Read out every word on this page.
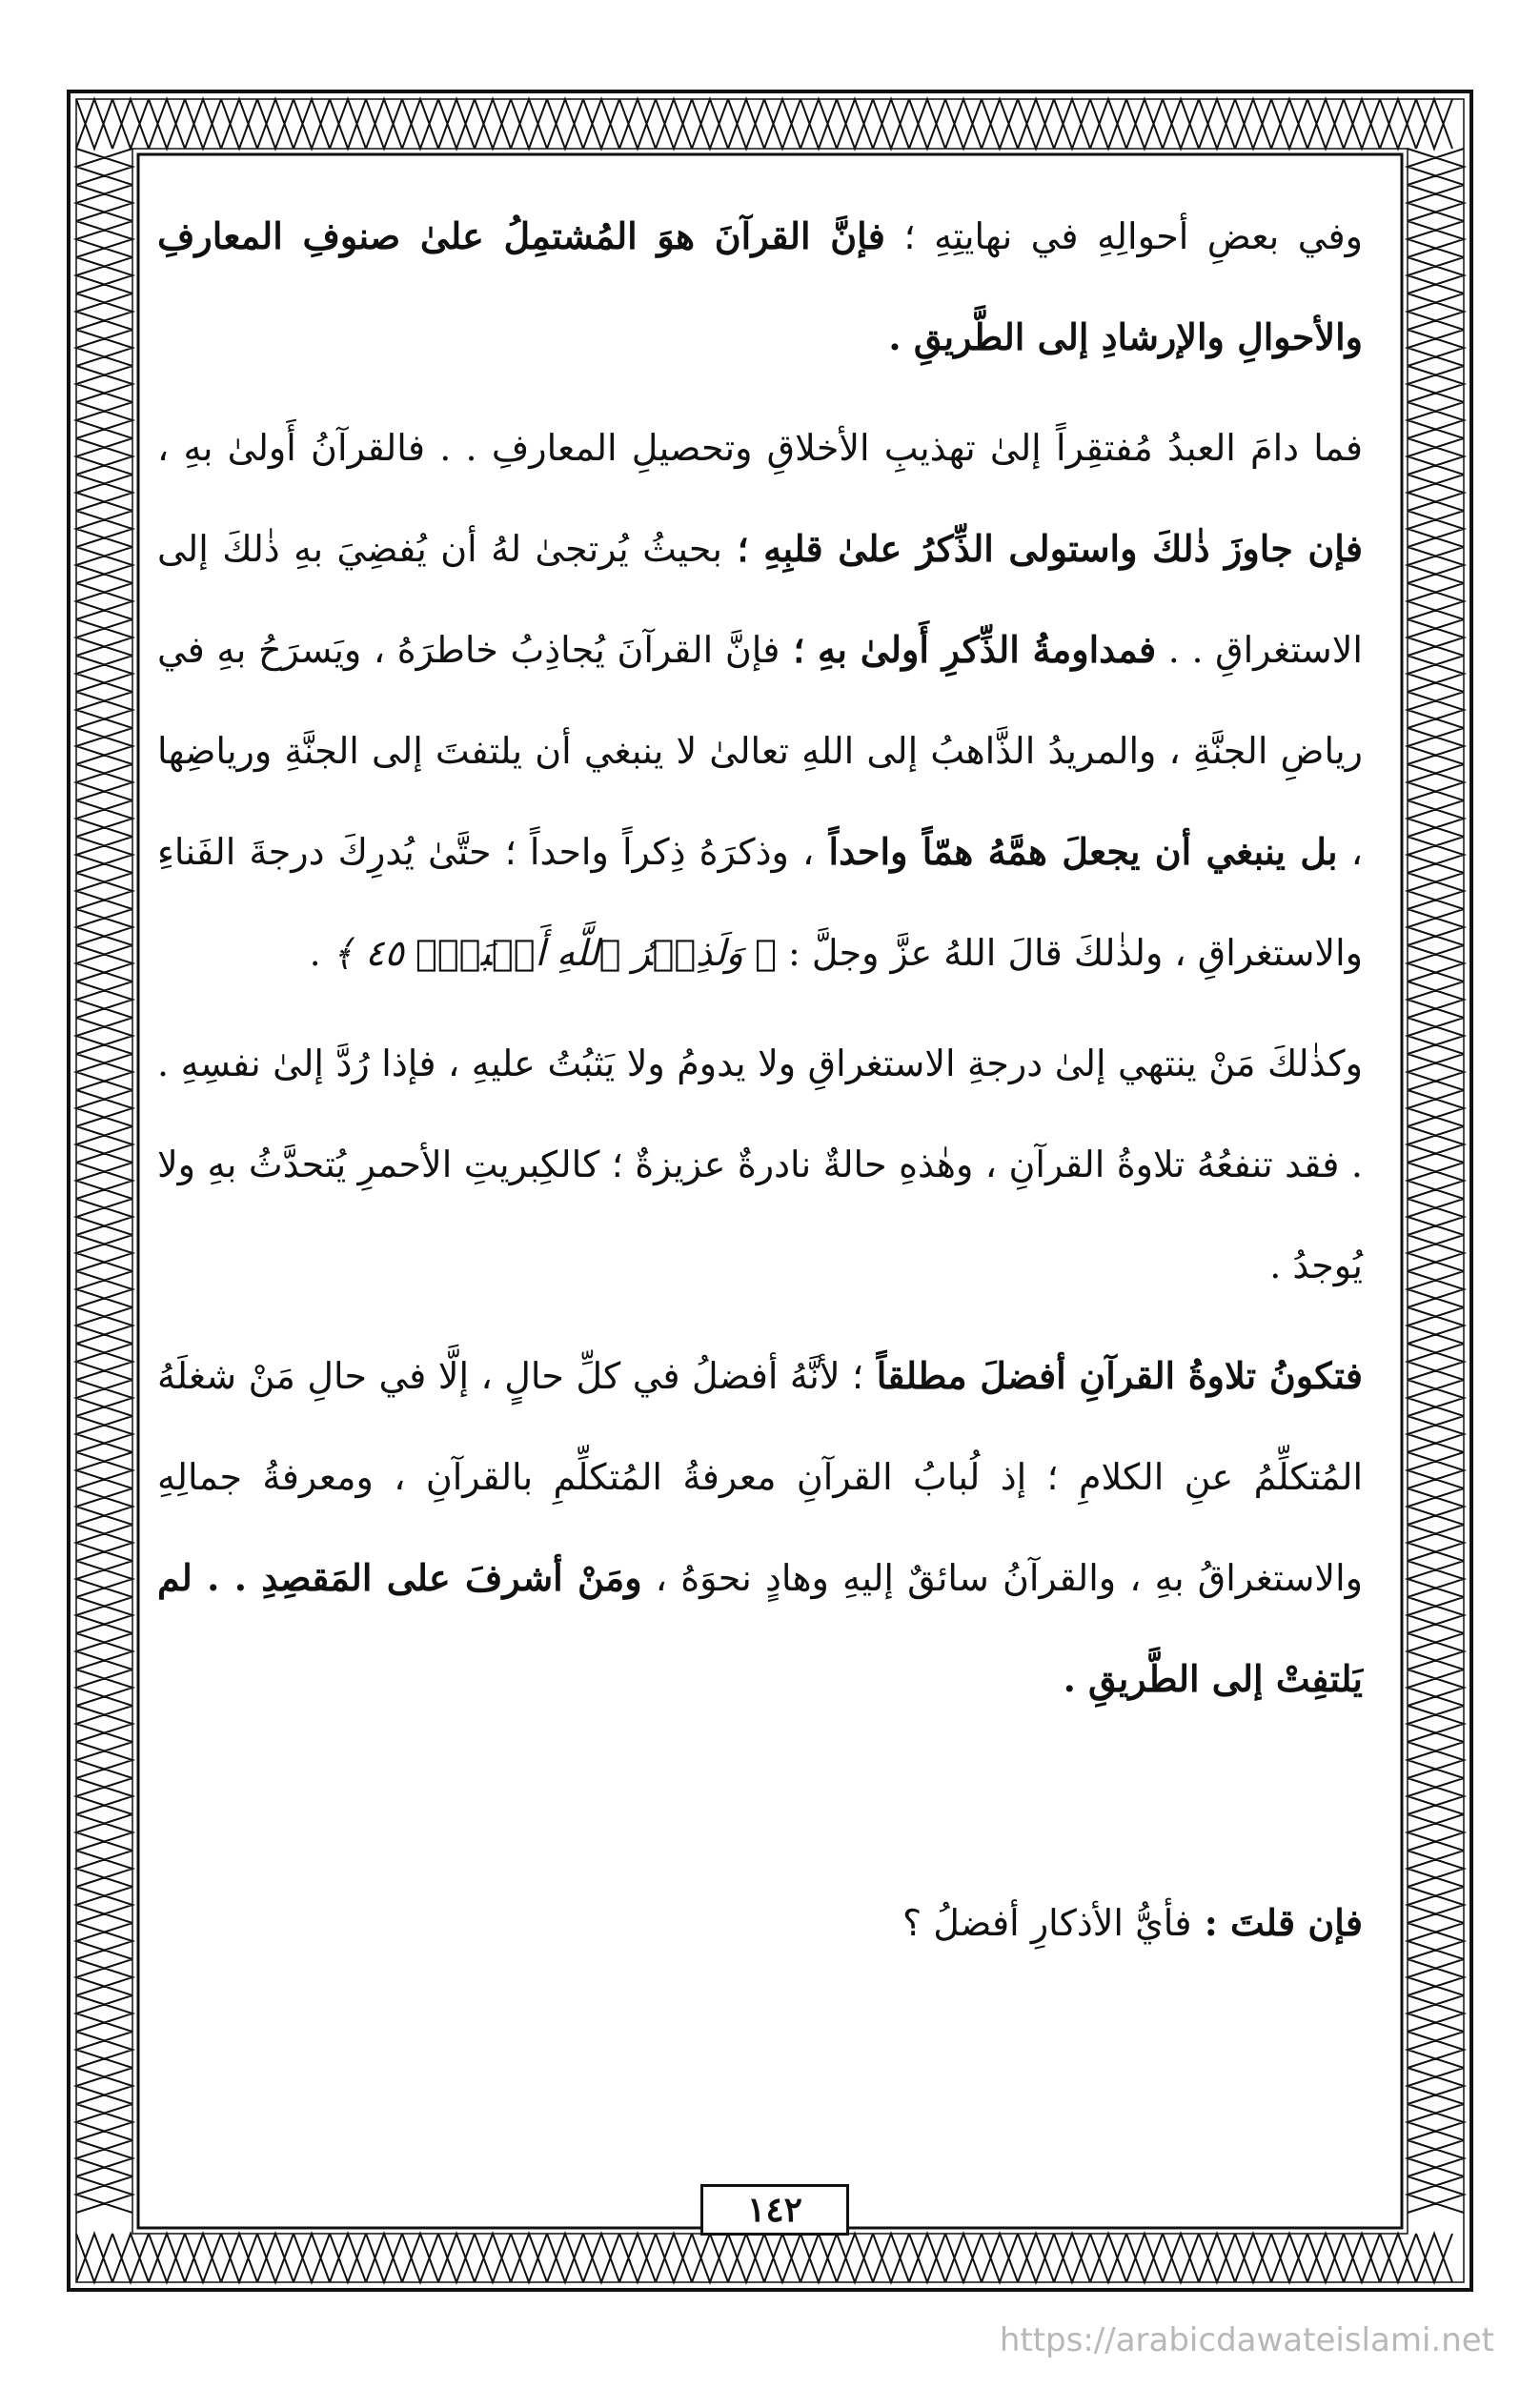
وفي بعضِ أحوالِهِ في نهايتِهِ ؛ فإنَّ القرآنَ هوَ المُشتمِلُ علىٰ صنوفِ المعارفِ والأحوالِ والإرشادِ إلى الطَّريقِ .

فما دامَ العبدُ مُفتقِراً إلىٰ تهذيبِ الأخلاقِ وتحصيلِ المعارفِ . . فالقرآنُ أَولىٰ بهِ ، فإن جاوزَ ذٰلكَ واستولى الذِّكرُ علىٰ قلبِهِ ؛ بحيثُ يُرتجىٰ لهُ أن يُفضِيَ بهِ ذٰلكَ إلى الاستغراقِ . . فمداومةُ الذِّكرِ أَولىٰ بهِ ؛ فإنَّ القرآنَ يُجاذِبُ خاطرَهُ ، ويَسرَحُ بهِ في رياضِ الجنَّةِ ، والمريدُ الذَّاهبُ إلى اللهِ تعالىٰ لا ينبغي أن يلتفتَ إلى الجنَّةِ ورياضِها ، بل ينبغي أن يجعلَ همَّهُ همّاً واحداً ، وذكرَهُ ذِكراً واحداً ؛ حتَّىٰ يُدرِكَ درجةَ الفَناءِ والاستغراقِ ، ولذٰلكَ قالَ اللهُ عزَّ وجلَّ : ﴿ وَلَذِكۡرُ ٱللَّهِ أَكۡبَرُۗ ٤٥ ﴾ .

وكذٰلكَ مَنْ ينتهي إلىٰ درجةِ الاستغراقِ ولا يدومُ ولا يَثبُتُ عليهِ ، فإذا رُدَّ إلىٰ نفسِهِ . . فقد تنفعُهُ تلاوةُ القرآنِ ، وهٰذهِ حالةٌ نادرةٌ عزيزةٌ ؛ كالكِبريتِ الأحمرِ يُتحدَّثُ بهِ ولا يُوجدُ .

فتكونُ تلاوةُ القرآنِ أفضلَ مطلقاً ؛ لأنَّهُ أفضلُ في كلِّ حالٍ ، إلَّا في حالِ مَنْ شغلَهُ المُتكلِّمُ عنِ الكلامِ ؛ إذ لُبابُ القرآنِ معرفةُ المُتكلِّمِ بالقرآنِ ، ومعرفةُ جمالِهِ والاستغراقُ بهِ ، والقرآنُ سائقٌ إليهِ وهادٍ نحوَهُ ، ومَنْ أشرفَ على المَقصِدِ . . لم يَلتفِتْ إلى الطَّريقِ .

فإن قلتَ : فأيُّ الأذكارِ أفضلُ ؟

١٤٢
https://arabicdawateislami.net
